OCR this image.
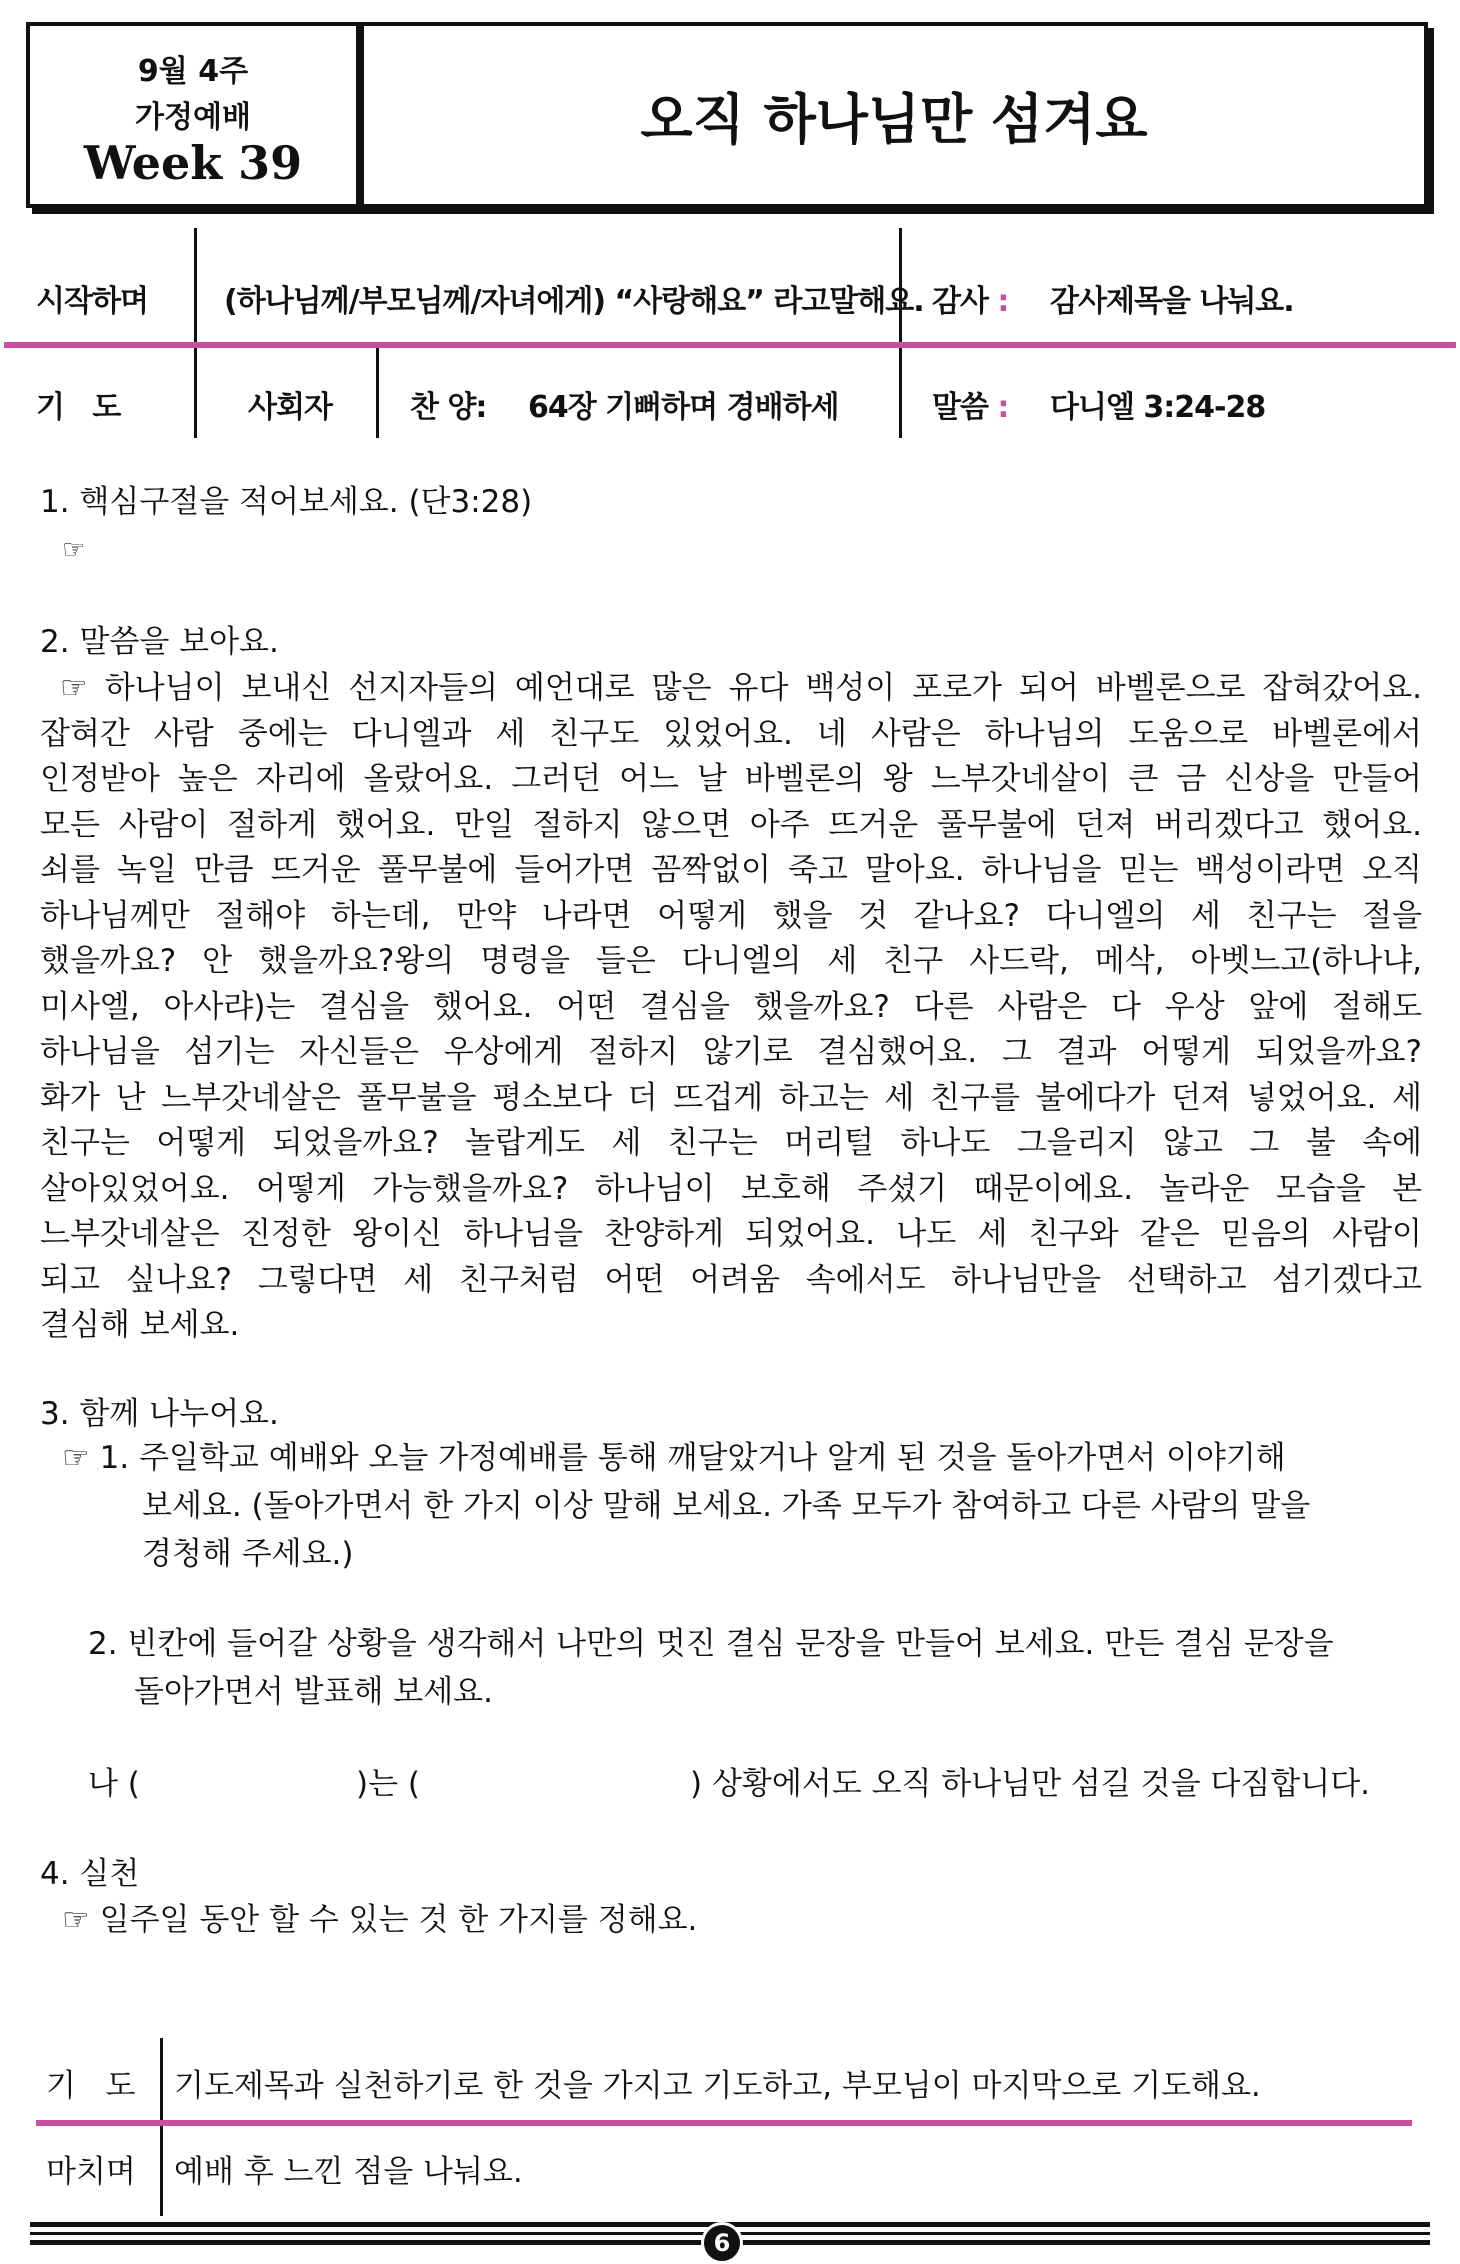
9월 4주
가정예배
Week 39
오직 하나님만 섬겨요
시작하며	(하나님께/부모님께/자녀에게) “사랑해요” 라고말해요. 감사 : 감사제목을 나눠요.
기   도	사회자	찬 양: 64장 기뻐하며 경배하세	말씀 : 다니엘 3:24-28
1. 핵심구절을 적어보세요. (단3:28)
☞
2. 말씀을 보아요.
☞ 하나님이 보내신 선지자들의 예언대로 많은 유다 백성이 포로가 되어 바벨론으로 잡혀갔어요.
잡혀간 사람 중에는 다니엘과 세 친구도 있었어요. 네 사람은 하나님의 도움으로 바벨론에서
인정받아 높은 자리에 올랐어요. 그러던 어느 날 바벨론의 왕 느부갓네살이 큰 금 신상을 만들어
모든 사람이 절하게 했어요. 만일 절하지 않으면 아주 뜨거운 풀무불에 던져 버리겠다고 했어요.
쇠를 녹일 만큼 뜨거운 풀무불에 들어가면 꼼짝없이 죽고 말아요. 하나님을 믿는 백성이라면 오직
하나님께만 절해야 하는데, 만약 나라면 어떻게 했을 것 같나요? 다니엘의 세 친구는 절을
했을까요? 안 했을까요?왕의 명령을 들은 다니엘의 세 친구 사드락, 메삭, 아벳느고(하나냐,
미사엘, 아사랴)는 결심을 했어요. 어떤 결심을 했을까요? 다른 사람은 다 우상 앞에 절해도
하나님을 섬기는 자신들은 우상에게 절하지 않기로 결심했어요. 그 결과 어떻게 되었을까요?
화가 난 느부갓네살은 풀무불을 평소보다 더 뜨겁게 하고는 세 친구를 불에다가 던져 넣었어요. 세
친구는 어떻게 되었을까요? 놀랍게도 세 친구는 머리털 하나도 그을리지 않고 그 불 속에
살아있었어요. 어떻게 가능했을까요? 하나님이 보호해 주셨기 때문이에요. 놀라운 모습을 본
느부갓네살은 진정한 왕이신 하나님을 찬양하게 되었어요. 나도 세 친구와 같은 믿음의 사람이
되고 싶나요? 그렇다면 세 친구처럼 어떤 어려움 속에서도 하나님만을 선택하고 섬기겠다고
결심해 보세요.
3. 함께 나누어요.
☞ 1. 주일학교 예배와 오늘 가정예배를 통해 깨달았거나 알게 된 것을 돌아가면서 이야기해
보세요. (돌아가면서 한 가지 이상 말해 보세요. 가족 모두가 참여하고 다른 사람의 말을
경청해 주세요.)
2. 빈칸에 들어갈 상황을 생각해서 나만의 멋진 결심 문장을 만들어 보세요. 만든 결심 문장을
돌아가면서 발표해 보세요.
나 (	)는 (	) 상황에서도 오직 하나님만 섬길 것을 다짐합니다.
4. 실천
☞ 일주일 동안 할 수 있는 것 한 가지를 정해요.
기   도 기도제목과 실천하기로 한 것을 가지고 기도하고, 부모님이 마지막으로 기도해요.
마치며 예배 후 느낀 점을 나눠요.
6
